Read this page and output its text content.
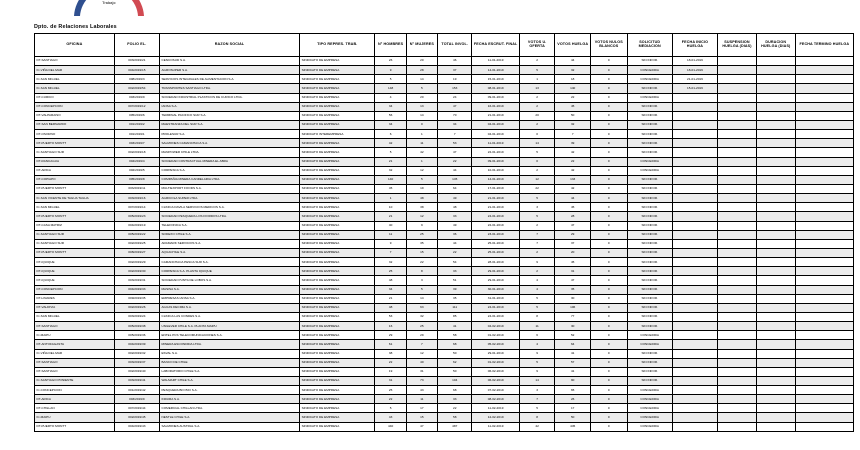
Trabajo
Dpto. de Relaciones Laborales
OFICINA	FOLIO EL.	RAZON SOCIAL	TIPO REPRES. TRAB.	N° HOMBRES	N° MUJERES	TOTAL INVOL.	FECHA ESCRUT. FINAL	VOTOS U. OFERTA	VOTOS HUELGA	VOTOS NULOS BLANCOS	SOLICITUD MEDIACION	FECHA INICIO HUELGA	SUSPENSION HUELGA (DIAS)	DURACION HUELGA (DIAS)	FECHA TERMINO HUELGA
DT-SANTIAGO	003/2019/21	CENCOSUD S.A.	SINDICATO DE EMPRESA	26	20	46	11-01-2019	2	44	0	SIN INFOR.	18-01-2019			
IC-VIÑA DEL MAR	004/2019/15	AGROSUPER S.A.	SINDICATO DE EMPRESA	9	28	37	14-01-2019	5	32	0	CONCEDIDA	18-01-2019			
IC-SAN MIGUEL	008/2019/3	SERVICIOS INTEGRALES DE ALIMENTACION S.A.	SINDICATO DE EMPRESA	5	14	19	15-01-2019	1	18	0	CONCEDIDA	21-01-2019			
IC-SAN MIGUEL	002/2019/54	TRANSPORTES SANTIAGO LTDA.	SINDICATO DE EMPRESA	148	5	153	08-01-2019	13	140	0	SIN INFOR.	15-01-2019			
DT-CURICO	003/2019/9	SOCIEDAD INDUSTRIAL PLASTICOS DE CURICO LTDA.	SINDICATO DE EMPRESA	4	20	24	09-01-2019	2	22	0	CONCEDIDA				
DT-CONCEPCION	007/2019/12	IANSA S.A.	SINDICATO DE EMPRESA	34	13	47	16-01-2019	2	45	0	SIN INFOR.				
DT-VALPARAISO	005/2019/6	TERMINAL PACIFICO SUR S.A.	SINDICATO DE EMPRESA	56	14	70	21-01-2019	20	50	0	SIN INFOR.				
DT-SAN BERNARDO	001/2019/2	MAESTRANZA DEL SUR S.A.	SINDICATO DE EMPRESA	34	0	34	04-01-2019	2	32	0	SIN INFOR.				
DT-OSORNO	001/2019/1	PROLESUR S.A.	SINDICATO INTEREMPRESA	6	1	7	04-01-2019	0	7	0	SIN INFOR.				
DT-PUERTO MONTT	003/2019/7	SALMONES CAMANCHACA S.A.	SINDICATO DE EMPRESA	42	11	53	11-01-2019	14	39	0	SIN INFOR.				
IC-SANTIAGO SUR	002/2019/18	MANPOWER CHILE LTDA.	SINDICATO DE EMPRESA	5	42	47	22-01-2019	5	42	0	SIN INFOR.				
DT-RANCAGUA	004/2019/4	SOCIEDAD CONTRACTUAL MINERA EL ABRA	SINDICATO DE EMPRESA	21	1	22	09-01-2019	0	22	0	CONCEDIDA				
DT-ARICA	002/2019/5	CORPESCA S.A.	SINDICATO DE EMPRESA	32	12	44	10-01-2019	2	42	0	CONCEDIDA				
DT-COPIAPO	005/2019/8	COMPAÑIA MINERA CANDELARIA LTDA.	SINDICATO DE EMPRESA	140	5	145	14-01-2019	12	133	0	SIN INFOR.				
DT-PUERTO MONTT	003/2019/11	MULTIEXPORT FOODS S.A.	SINDICATO DE EMPRESA	45	19	64	17-01-2019	22	42	0	SIN INFOR.				
IC-SAN VICENTE DE TAGUA TAGUA	003/2019/16	AGRICOLA SUPER LTDA.	SINDICATO DE EMPRESA	1	48	49	21-01-2019	5	44	0	SIN INFOR.				
IC-SAN MIGUEL	007/2019/14	CLINICA DAVILA SERVICIOS MEDICOS S.A.	SINDICATO DE EMPRESA	10	38	48	21-01-2019	3	45	0	SIN INFOR.				
DT-PUERTO MONTT	005/2019/23	SOCIEDAD PESQUERA LOS FIORDOS LTDA.	SINDICATO DE EMPRESA	21	12	33	24-01-2019	5	28	0	SIN INFOR.				
DT-CASA MATRIZ	004/2019/19	TELEFONICA S.A.	SINDICATO DE EMPRESA	40	9	49	22-01-2019	2	47	0	SIN INFOR.				
IC-SANTIAGO SUR	005/2019/22	SODEXO CHILE S.A.	SINDICATO DE EMPRESA	11	25	36	23-01-2019	7	29	0	SIN INFOR.				
IC-SANTIAGO SUR	002/2019/25	ARAMARK SERVICIOS S.A.	SINDICATO DE EMPRESA	9	35	44	25-01-2019	7	37	0	SIN INFOR.				
DT-PUERTO MONTT	008/2019/27	AQUACHILE S.A.	SINDICATO DE EMPRESA	7	15	22	25-01-2019	2	20	0	SIN INFOR.				
DT-IQUIQUE	002/2019/29	CAMANCHACA PESCA SUR S.A.	SINDICATO DE EMPRESA	32	22	54	28-01-2019	9	45	0	SIN INFOR.				
DT-IQUIQUE	002/2019/30	CORPESCA S.A. PLANTA IQUIQUE	SINDICATO DE EMPRESA	25	8	33	29-01-2019	2	31	0	SIN INFOR.				
DT-IQUIQUE	003/2019/31	SOCIEDAD PUNTA DE LOBOS S.A.	SINDICATO DE EMPRESA	48	3	51	29-01-2019	4	47	0	SIN INFOR.				
DT-CONCEPCION	004/2019/33	MASISA S.A.	SINDICATO DE EMPRESA	34	5	39	30-01-2019	4	35	0	SIN INFOR.				
DT-LINARES	009/2019/35	EMPRESAS IANSA S.A.	SINDICATO DE EMPRESA	21	14	35	31-01-2019	5	30	0	SIN INFOR.				
DT-VALDIVIA	002/2019/26	AGUAS DECIMA S.A.	SINDICATO DE EMPRESA	48	63	111	24-01-2019	5	106	0	SIN INFOR.				
IC-SAN MIGUEL	003/2019/24	CLINICA LAS CONDES S.A.	SINDICATO DE EMPRESA	53	32	85	24-01-2019	8	77	0	SIN INFOR.				
DT-SANTIAGO	005/2019/38	UNILEVER CHILE S.A. PLANTA MAIPU	SINDICATO DE EMPRESA	16	25	41	04-02-2019	11	30	0	SIN INFOR.				
IC-MAIPU	005/2019/36	ENTEL PCS TELECOMUNICACIONES S.A.	SINDICATO DE EMPRESA	29	29	58	01-02-2019	6	52	0	CONCEDIDA				
DT-ANTOFAGASTA	004/2019/39	MINERA ESCONDIDA LTDA.	SINDICATO DE EMPRESA	61	7	68	05-02-2019	4	64	0	CONCEDIDA				
IC-VIÑA DEL MAR	002/2019/32	ESVAL S.A.	SINDICATO DE EMPRESA	38	12	50	29-01-2019	9	41	0	SIN INFOR.				
DT-SANTIAGO	003/2019/37	BANCO DE CHILE	SINDICATO DE EMPRESA	22	40	62	01-02-2019	5	57	0	SIN INFOR.				
DT-SANTIAGO	002/2019/40	LABORATORIO CHILE S.A.	SINDICATO DE EMPRESA	19	31	50	06-02-2019	9	41	0	SIN INFOR.				
IC-SANTIAGO PONIENTE	003/2019/41	WALMART CHILE S.A.	SINDICATO DE EMPRESA	31	73	104	06-02-2019	14	90	0	SIN INFOR.				
IC-CONCEPCION	001/2019/42	PESQUERA BIO BIO S.A.	SINDICATO DE EMPRESA	25	43	68	07-02-2019	3	65	0	CONCEDIDA				
DT-ARICA	003/2019/9	INDURA S.A.	SINDICATO DE EMPRESA	22	11	33	08-02-2019	7	26	0	CONCEDIDA				
DT-CHILLAN	007/2019/44	COMERCIAL CHILLAN LTDA.	SINDICATO DE EMPRESA	5	17	22	11-02-2019	5	17	0	CONCEDIDA				
IC-MAIPU	002/2019/45	NESTLE CHILE S.A.	SINDICATO DE EMPRESA	43	15	58	12-02-2019	8	50	0	CONCEDIDA				
DT-PUERTO MONTT	004/2019/43	SALMONES AUSTRAL S.A.	SINDICATO DE EMPRESA	440	47	487	11-02-2019	42	445	0	CONCEDIDA				
